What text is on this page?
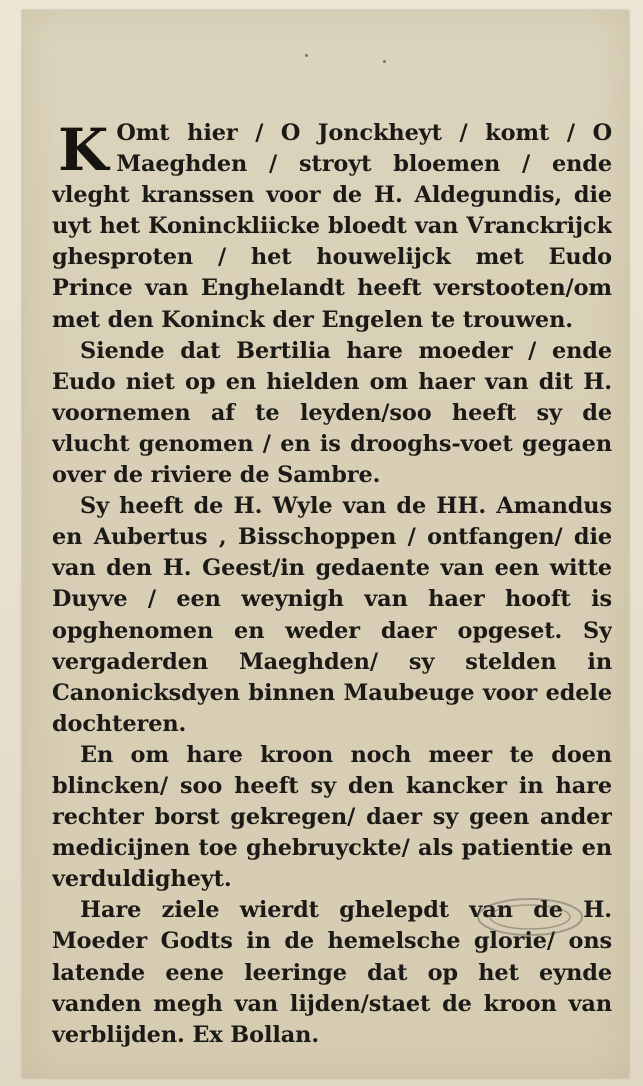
K Omt hier / O Jonckheyt / komt / O Maeghden / stroyt bloemen / ende vleght kranssen voor de H. Aldegundis, die uyt het Koninckliicke bloedt van Vranckrijck ghesproten / het houwelijck met Eudo Prince van Enghelandt heeft verstooten/om met den Koninck der Engelen te trouwen.

Siende dat Bertilia hare moeder / ende Eudo niet op en hielden om haer van dit H. voornemen af te leyden/soo heeft sy de vlucht genomen / en is drooghs-voet gegaen over de riviere de Sambre.

Sy heeft de H. Wyle van de HH. Amandus en Aubertus , Bisschoppen / ontfangen/ die van den H. Geest/in gedaente van een witte Duyve / een weynigh van haer hooft is opghenomen en weder daer opgeset. Sy vergaderden Maeghden/ sy stelden in Canonicksdyen binnen Maubeuge voor edele dochteren.

En om hare kroon noch meer te doen blincken/ soo heeft sy den kancker in hare rechter borst gekregen/ daer sy geen ander medicijnen toe ghebruyckte/ als patientie en verduldigheyt.

Hare ziele wierdt ghelepdt van de H. Moeder Godts in de hemelsche glorie/ ons latende eene leeringe dat op het eynde vanden megh van lijden/staet de kroon van verblijden. Ex Bollan.
